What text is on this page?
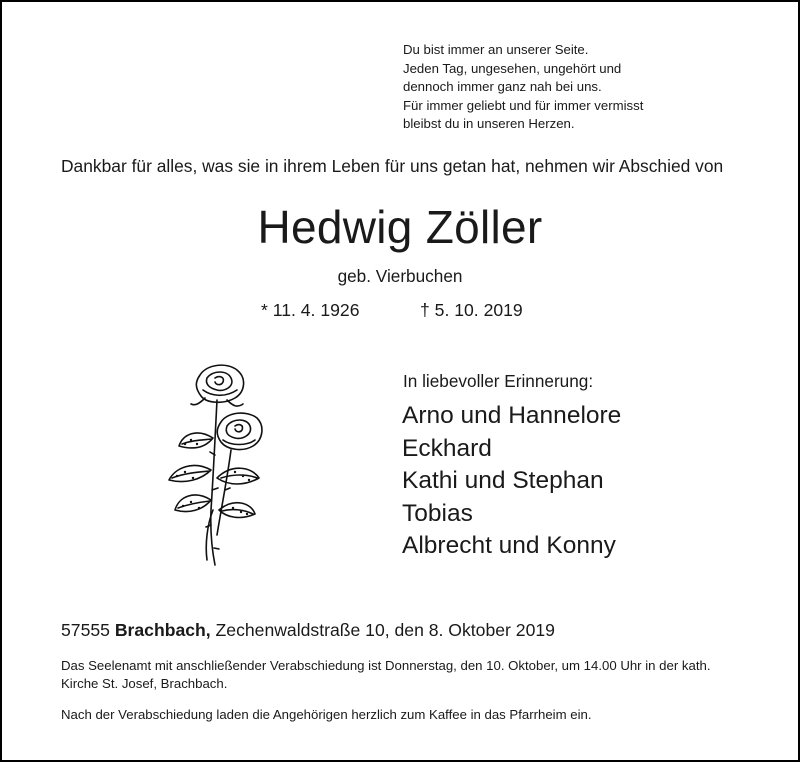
Du bist immer an unserer Seite.
Jeden Tag, ungesehen, ungehört und
dennoch immer ganz nah bei uns.
Für immer geliebt und für immer vermisst
bleibst du in unseren Herzen.
Dankbar für alles, was sie in ihrem Leben für uns getan hat, nehmen wir Abschied von
Hedwig Zöller
geb. Vierbuchen
* 11. 4. 1926	† 5. 10. 2019
In liebevoller Erinnerung:
Arno und Hannelore
Eckhard
Kathi und Stephan
Tobias
Albrecht und Konny
57555 Brachbach, Zechenwaldstraße 10, den 8. Oktober 2019
Das Seelenamt mit anschließender Verabschiedung ist Donnerstag, den 10. Oktober, um 14.00 Uhr in der kath. Kirche St. Josef, Brachbach.
Nach der Verabschiedung laden die Angehörigen herzlich zum Kaffee in das Pfarrheim ein.
